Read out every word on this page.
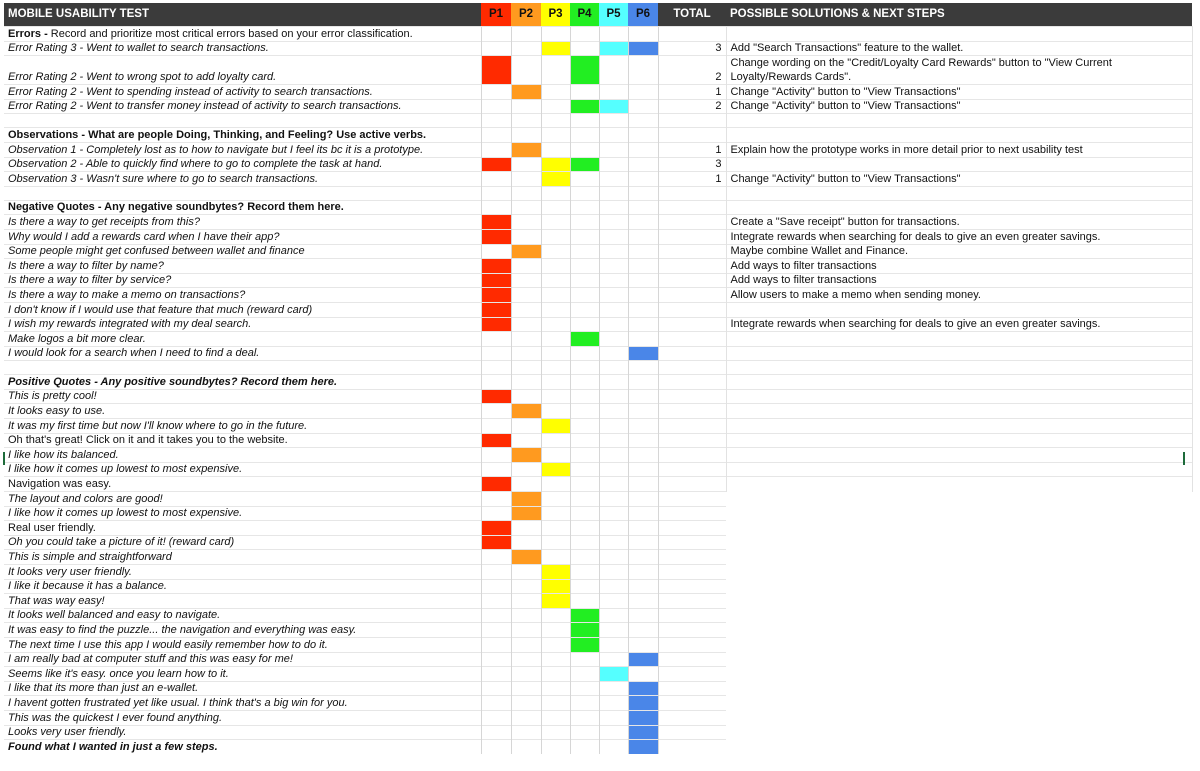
MOBILE USABILITY TEST	P1	P2	P3	P4	P5	P6	TOTAL	POSSIBLE SOLUTIONS & NEXT STEPS
Errors - Record and prioritize most critical errors based on your error classification.								
Error Rating 3 - Went to wallet to search transactions.							3	Add "Search Transactions" feature to the wallet.
Error Rating 2 - Went to wrong spot to add loyalty card.							2	Change wording on the "Credit/Loyalty Card Rewards" button to "View Current Loyalty/Rewards Cards".
Error Rating 2 - Went to spending instead of activity to search transactions.							1	Change "Activity" button to "View Transactions"
Error Rating 2 - Went to transfer money instead of activity to search transactions.							2	Change "Activity" button to "View Transactions"

Observations - What are people Doing, Thinking, and Feeling? Use active verbs.								
Observation 1 - Completely lost as to how to navigate but I feel its bc it is a prototype.							1	Explain how the prototype works in more detail prior to next usability test
Observation 2 - Able to quickly find where to go to complete the task at hand.							3	
Observation 3 - Wasn't sure where to go to search transactions.							1	Change "Activity" button to "View Transactions"

Negative Quotes - Any negative soundbytes? Record them here.								
Is there a way to get receipts from this?								Create a "Save receipt" button for transactions.
Why would I add a rewards card when I have their app?								Integrate rewards when searching for deals to give an even greater savings.
Some people might get confused between wallet and finance								Maybe combine Wallet and Finance.
Is there a way to filter by name?								Add ways to filter transactions
Is there a way to filter by service?								Add ways to filter transactions
Is there a way to make a memo on transactions?								Allow users to make a memo when sending money.
I don't know if I would use that feature that much (reward card)								
I wish my rewards integrated with my deal search.								Integrate rewards when searching for deals to give an even greater savings.
Make logos a bit more clear.								
I would look for a search when I need to find a deal.								

Positive Quotes - Any positive soundbytes? Record them here.								
This is pretty cool!								
It looks easy to use.								
It was my first time but now I'll know where to go in the future.								
Oh that's great! Click on it and it takes you to the website.								
I like how its balanced.								
I like how it comes up lowest to most expensive.								
Navigation was easy.								
The layout and colors are good!								
I like how it comes up lowest to most expensive.								
Real user friendly.								
Oh you could take a picture of it! (reward card)								
This is simple and straightforward								
It looks very user friendly.								
I like it because it has a balance.								
That was way easy!								
It looks well balanced and easy to navigate.								
It was easy to find the puzzle... the navigation and everything was easy.								
The next time I use this app I would easily remember how to do it.								
I am really bad at computer stuff and this was easy for me!								
Seems like it's easy. once you learn how to it.								
I like that its more than just an e-wallet.								
I havent gotten frustrated yet like usual. I think that's a big win for you.								
This was the quickest I ever found anything.								
Looks very user friendly.								
Found what I wanted in just a few steps.								
